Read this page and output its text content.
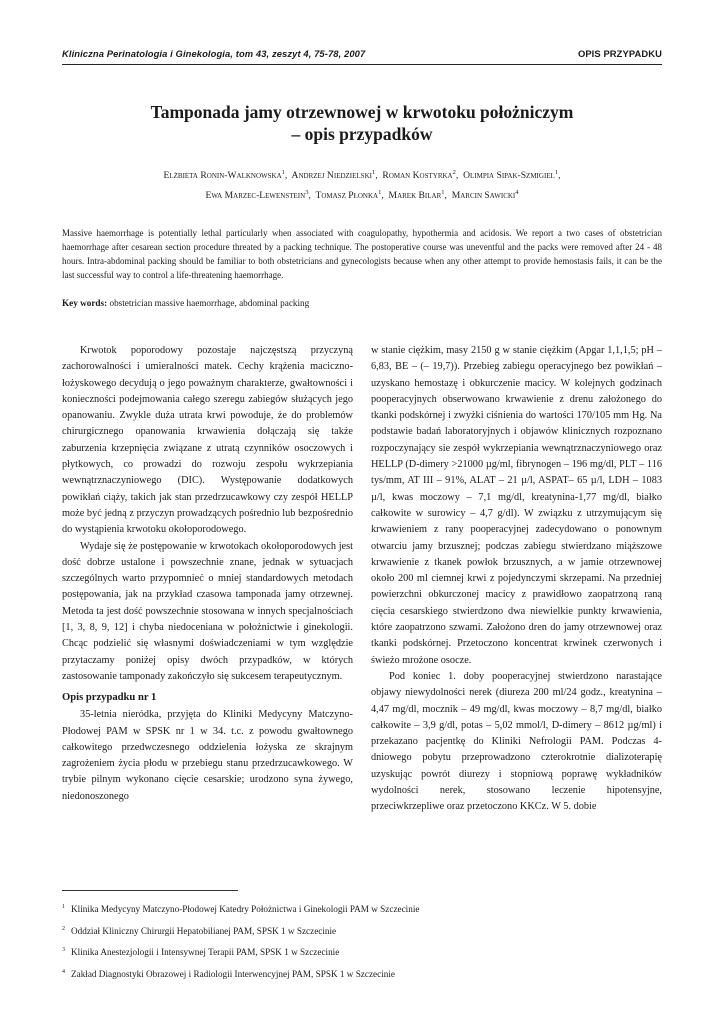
Kliniczna Perinatologia i Ginekologia, tom 43, zeszyt 4, 75-78, 2007	OPIS PRZYPADKU
Tamponada jamy otrzewnowej w krwotoku położniczym
– opis przypadków
Elżbieta Ronin-Walknowska$^1$,  Andrzej Niedzielski$^1$,  Roman Kostyrka$^2$,  Olimpia Sipak-Szmigiel$^1$,
Ewa Marzec-Lewenstein$^3$,  Tomasz Płonka$^1$,  Marek Bilar$^1$,  Marcin Sawicki$^4$
Massive haemorrhage is potentially lethal particularly when associated with coagulopathy, hypothermia and acidosis. We report a two cases of obstetrician haemorrhage after cesarean section procedure threated by a packing technique. The postoperative course was uneventful and the packs were removed after 24 - 48 hours. Intra-abdominal packing should be familiar to both obstetricians and gynecologists because when any other attempt to provide hemostasis fails, it can be the last successful way to control a life-threatening haemorrhage.
Key words: obstetrician massive haemorrhage, abdominal packing

Krwotok poporodowy pozostaje najczęstszą przyczyną zachorowalności i umieralności matek. Cechy krążenia maciczno-łożyskowego decydują o jego poważnym charakterze, gwałtowności i konieczności podejmowania całego szeregu zabiegów służących jego opanowaniu. Zwykle duża utrata krwi powoduje, że do problemów chirurgicznego opanowania krwawienia dołączają się także zaburzenia krzepnięcia związane z utratą czynników osoczowych i płytkowych, co prowadzi do rozwoju zespołu wykrzepiania wewnątrznaczyniowego (DIC). Występowanie dodatkowych powikłań ciąży, takich jak stan przedrzucawkowy czy zespół HELLP może być jedną z przyczyn prowadzących pośrednio lub bezpośrednio do wystąpienia krwotoku okołoporodowego.

Wydaje się że postępowanie w krwotokach okołoporodowych jest dość dobrze ustalone i powszechnie znane, jednak w sytuacjach szczególnych warto przypomnieć o mniej standardowych metodach postępowania, jak na przykład czasowa tamponada jamy otrzewnej. Metoda ta jest dość powszechnie stosowana w innych specjalnościach [1, 3, 8, 9, 12] i chyba niedoceniana w położnictwie i ginekologii. Chcąc podzielić się własnymi doświadczeniami w tym względzie przytaczamy poniżej opisy dwóch przypadków, w których zastosowanie tamponady zakończyło się sukcesem terapeutycznym.

Opis przypadku nr 1

35-letnia nieródka, przyjęta do Kliniki Medycyny Matczyno-Płodowej PAM w SPSK nr 1 w 34. t.c. z powodu gwałtownego całkowitego przedwczesnego oddzielenia łożyska ze skrajnym zagrożeniem życia płodu w przebiegu stanu przedrzucawkowego. W trybie pilnym wykonano cięcie cesarskie; urodzono syna żywego, niedonoszonego

w stanie ciężkim, masy 2150 g w stanie ciężkim (Apgar 1,1,1,5; pH – 6,83, BE – (– 19,7)). Przebieg zabiegu operacyjnego bez powikłań – uzyskano hemostazę i obkurczenie macicy. W kolejnych godzinach pooperacyjnych obserwowano krwawienie z drenu założonego do tkanki podskórnej i zwyżki ciśnienia do wartości 170/105 mm Hg. Na podstawie badań laboratoryjnych i objawów klinicznych rozpoznano rozpoczynający sie zespół wykrzepiania wewnątrznaczyniowego oraz HELLP (D-dimery >21000 µg/ml, fibrynogen – 196 mg/dl, PLT – 116 tys/mm, AT III – 91%, ALAT – 21 µ/l, ASPAT– 65 µ/l, LDH – 1083 µ/l, kwas moczowy – 7,1 mg/dl, kreatynina-1,77 mg/dl, białko całkowite w surowicy – 4,7 g/dl). W związku z utrzymującym się krwawieniem z rany pooperacyjnej zadecydowano o ponownym otwarciu jamy brzusznej; podczas zabiegu stwierdzano miąższowe krwawienie z tkanek powłok brzusznych, a w jamie otrzewnowej około 200 ml ciemnej krwi z pojedynczymi skrzepami. Na przedniej powierzchni obkurczonej macicy z prawidłowo zaopatrzoną raną cięcia cesarskiego stwierdzono dwa niewielkie punkty krwawienia, które zaopatrzono szwami. Założono dren do jamy otrzewnowej oraz tkanki podskórnej. Przetoczono koncentrat krwinek czerwonych i świeżo mrożone osocze.

Pod koniec 1. doby pooperacyjnej stwierdzono narastające objawy niewydolności nerek (diureza 200 ml/24 godz., kreatynina – 4,47 mg/dl, mocznik – 49 mg/dl, kwas moczowy – 8,7 mg/dl, białko całkowite – 3,9 g/dl, potas – 5,02 mmol/l, D-dimery – 8612 µg/ml) i przekazano pacjentkę do Kliniki Nefrologii PAM. Podczas 4-dniowego pobytu przeprowadzono czterokrotnie dializoterapię uzyskując powrót diurezy i stopniową poprawę wykładników wydolności nerek, stosowano leczenie hipotensyjne, przeciwkrzepliwe oraz przetoczono KKCz. W 5. dobie

$^1$ Klinika Medycyny Matczyno-Płodowej Katedry Położnictwa i Ginekologii PAM w Szczecinie
$^2$ Oddział Kliniczny Chirurgii Hepatobilianej PAM, SPSK 1 w Szczecinie
$^3$ Klinika Anestezjologii i Intensywnej Terapii PAM, SPSK 1 w Szczecinie
$^4$ Zakład Diagnostyki Obrazowej i Radiologii Interwencyjnej PAM, SPSK 1 w Szczecinie
